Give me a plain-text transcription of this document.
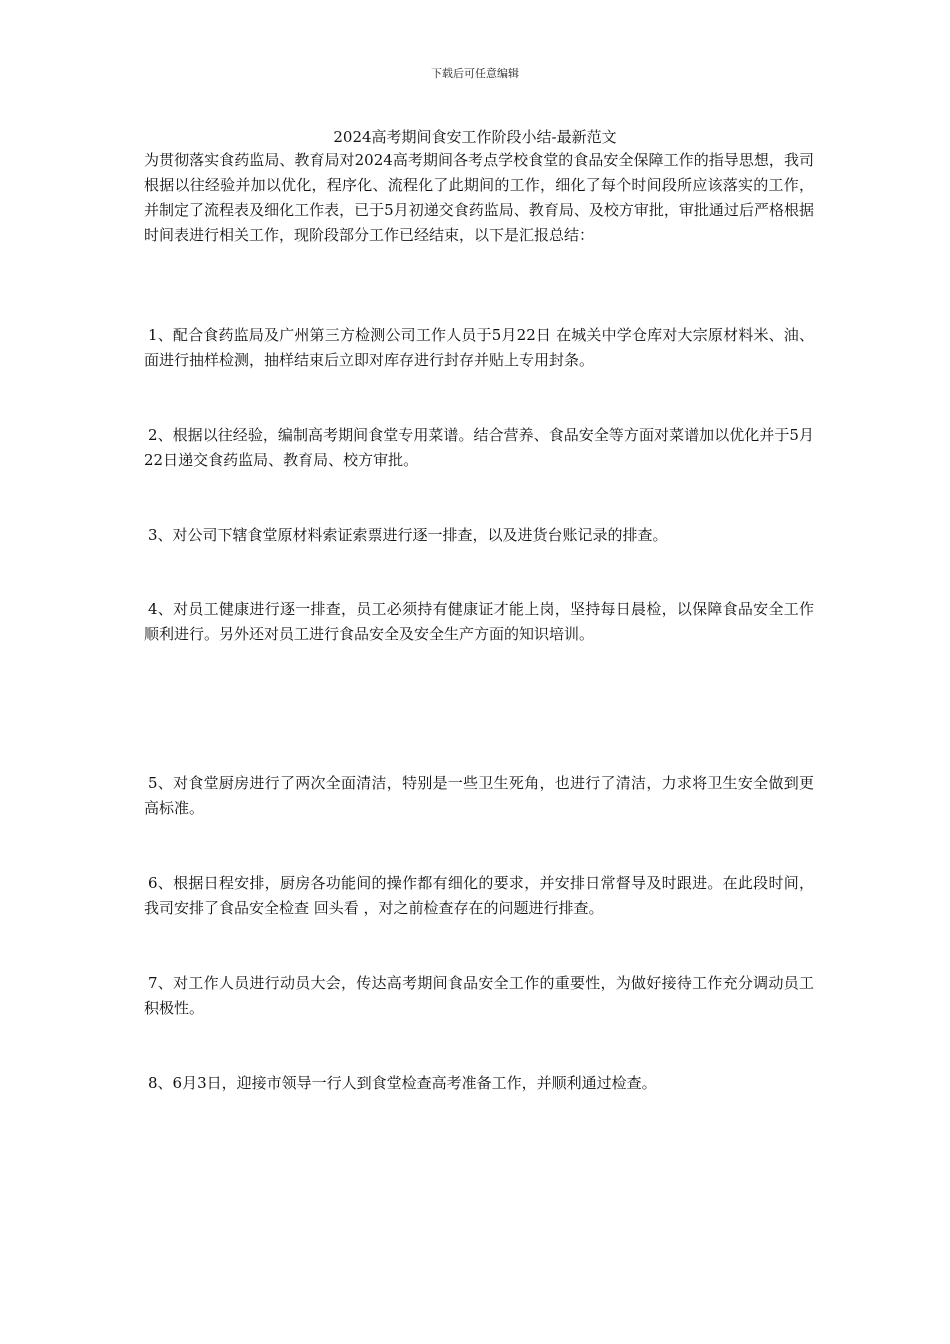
下载后可任意编辑
2024高考期间食安工作阶段小结-最新范文

为贯彻落实食药监局、教育局对2024高考期间各考点学校食堂的食品安全保障工作的指导思想，我司根据以往经验并加以优化，程序化、流程化了此期间的工作，细化了每个时间段所应该落实的工作，并制定了流程表及细化工作表，已于5月初递交食药监局、教育局、及校方审批，审批通过后严格根据时间表进行相关工作，现阶段部分工作已经结束，以下是汇报总结：

1、配合食药监局及广州第三方检测公司工作人员于5月22日 在城关中学仓库对大宗原材料米、油、面进行抽样检测，抽样结束后立即对库存进行封存并贴上专用封条。

2、根据以往经验，编制高考期间食堂专用菜谱。结合营养、食品安全等方面对菜谱加以优化并于5月22日递交食药监局、教育局、校方审批。

3、对公司下辖食堂原材料索证索票进行逐一排查，以及进货台账记录的排查。

4、对员工健康进行逐一排查，员工必须持有健康证才能上岗，坚持每日晨检，以保障食品安全工作顺利进行。另外还对员工进行食品安全及安全生产方面的知识培训。

5、对食堂厨房进行了两次全面清洁，特别是一些卫生死角，也进行了清洁，力求将卫生安全做到更高标准。

6、根据日程安排，厨房各功能间的操作都有细化的要求，并安排日常督导及时跟进。在此段时间，我司安排了食品安全检查 回头看 ，对之前检查存在的问题进行排查。

7、对工作人员进行动员大会，传达高考期间食品安全工作的重要性，为做好接待工作充分调动员工积极性。

8、6月3日，迎接市领导一行人到食堂检查高考准备工作，并顺利通过检查。
